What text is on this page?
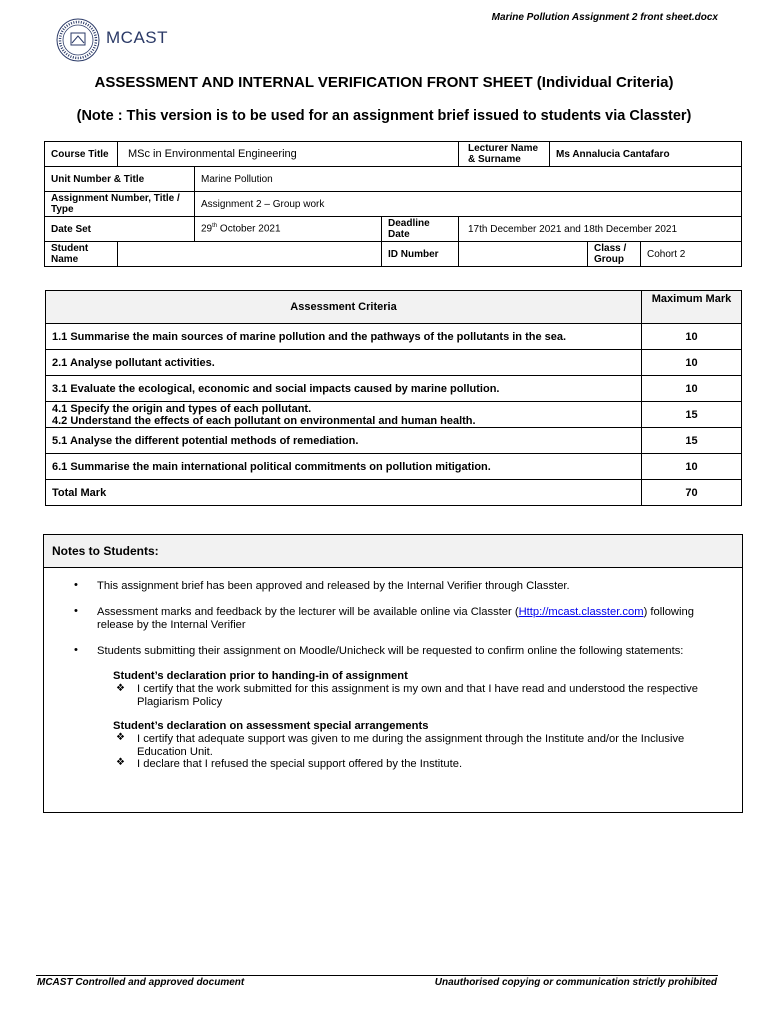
Marine Pollution Assignment 2 front sheet.docx
MCAST
ASSESSMENT AND INTERNAL VERIFICATION FRONT SHEET (Individual Criteria)
(Note : This version is to be used for an assignment brief issued to students via Classter)
Course Title	MSc in Environmental Engineering			Lecturer Name & Surname	Ms Annalucia Cantafaro		
Unit Number & Title		Marine Pollution					
Assignment Number, Title / Type		Assignment 2 – Group work					
Date Set		29th October 2021	Deadline Date	17th December 2021 and 18th December 2021			
Student Name			ID Number			Class / Group	Cohort 2
Assessment Criteria	Maximum Mark
1.1 Summarise the main sources of marine pollution and the pathways of the pollutants in the sea.	10
2.1 Analyse pollutant activities.	10
3.1 Evaluate the ecological, economic and social impacts caused by marine pollution.	10

4.1 Specify the origin and types of each pollutant.
4.2 Understand the effects of each pollutant on environmental and human health.	15
5.1 Analyse the different potential methods of remediation.	15
6.1 Summarise the main international political commitments on pollution mitigation.	10
Total Mark	70
Notes to Students:
• This assignment brief has been approved and released by the Internal Verifier through Classter.
• Assessment marks and feedback by the lecturer will be available online via Classter (Http://mcast.classter.com) following release by the Internal Verifier
• Students submitting their assignment on Moodle/Unicheck will be requested to confirm online the following statements:
Student’s declaration prior to handing-in of assignment
❖ I certify that the work submitted for this assignment is my own and that I have read and understood the respective Plagiarism Policy
Student’s declaration on assessment special arrangements
❖ I certify that adequate support was given to me during the assignment through the Institute and/or the Inclusive Education Unit.
❖ I declare that I refused the special support offered by the Institute.
MCAST Controlled and approved document	Unauthorised copying or communication strictly prohibited
